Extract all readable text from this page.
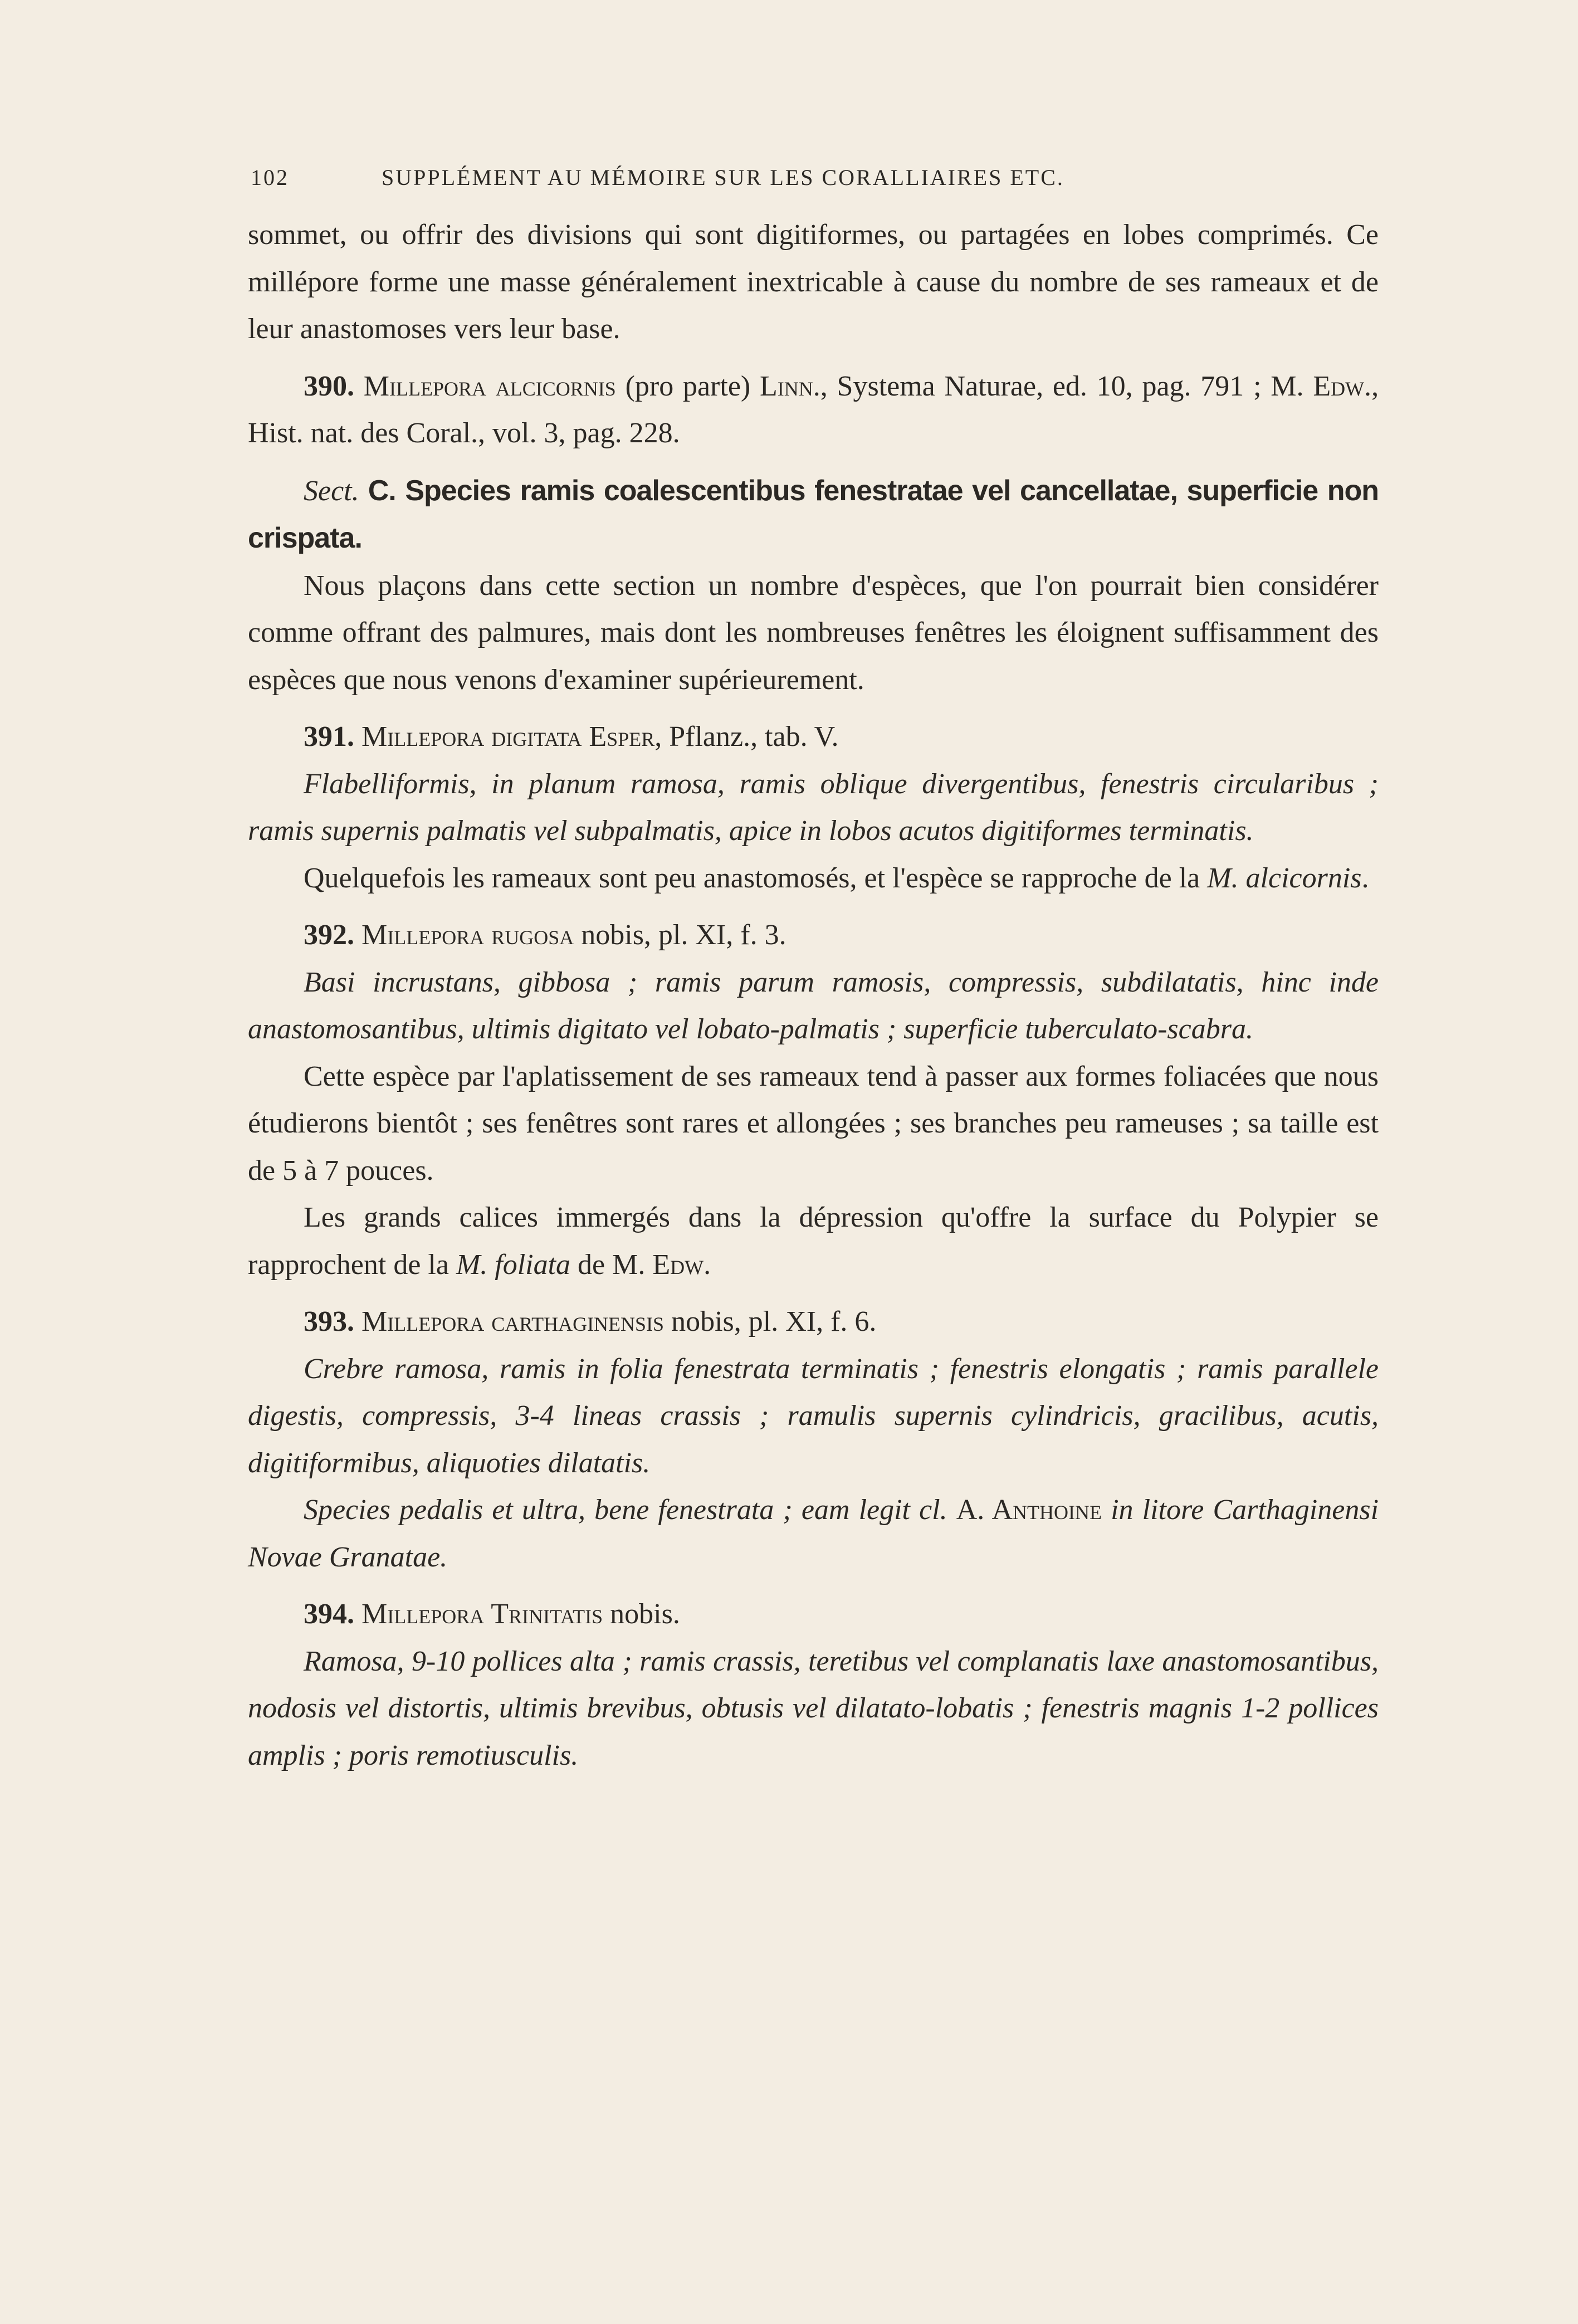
102	SUPPLÉMENT AU MÉMOIRE SUR LES CORALLIAIRES ETC.

sommet, ou offrir des divisions qui sont digitiformes, ou partagées en lobes comprimés. Ce millépore forme une masse généralement inextricable à cause du nombre de ses rameaux et de leur anastomoses vers leur base.

390. Millepora alcicornis (pro parte) Linn., Systema Naturae, ed. 10, pag. 791 ; M. Edw., Hist. nat. des Coral., vol. 3, pag. 228.

Sect. C. Species ramis coalescentibus fenestratae vel cancellatae, superficie non crispata.

Nous plaçons dans cette section un nombre d'espèces, que l'on pourrait bien considérer comme offrant des palmures, mais dont les nombreuses fenêtres les éloignent suffisamment des espèces que nous venons d'examiner supérieurement.

391. Millepora digitata Esper, Pflanz., tab. V.

Flabelliformis, in planum ramosa, ramis oblique divergentibus, fenestris circularibus ; ramis supernis palmatis vel subpalmatis, apice in lobos acutos digitiformes terminatis.

Quelquefois les rameaux sont peu anastomosés, et l'espèce se rapproche de la M. alcicornis.

392. Millepora rugosa nobis, pl. XI, f. 3.

Basi incrustans, gibbosa ; ramis parum ramosis, compressis, subdilatatis, hinc inde anastomosantibus, ultimis digitato vel lobato-palmatis ; superficie tuberculato-scabra.

Cette espèce par l'aplatissement de ses rameaux tend à passer aux formes foliacées que nous étudierons bientôt ; ses fenêtres sont rares et allongées ; ses branches peu rameuses ; sa taille est de 5 à 7 pouces.

Les grands calices immergés dans la dépression qu'offre la surface du Polypier se rapprochent de la M. foliata de M. Edw.

393. Millepora carthaginensis nobis, pl. XI, f. 6.

Crebre ramosa, ramis in folia fenestrata terminatis ; fenestris elongatis ; ramis parallele digestis, compressis, 3-4 lineas crassis ; ramulis supernis cylindricis, gracilibus, acutis, digitiformibus, aliquoties dilatatis.

Species pedalis et ultra, bene fenestrata ; eam legit cl. A. Anthoine in litore Carthaginensi Novae Granatae.

394. Millepora Trinitatis nobis.

Ramosa, 9-10 pollices alta ; ramis crassis, teretibus vel complanatis laxe anastomosantibus, nodosis vel distortis, ultimis brevibus, obtusis vel dilatato-lobatis ; fenestris magnis 1-2 pollices amplis ; poris remotiusculis.
